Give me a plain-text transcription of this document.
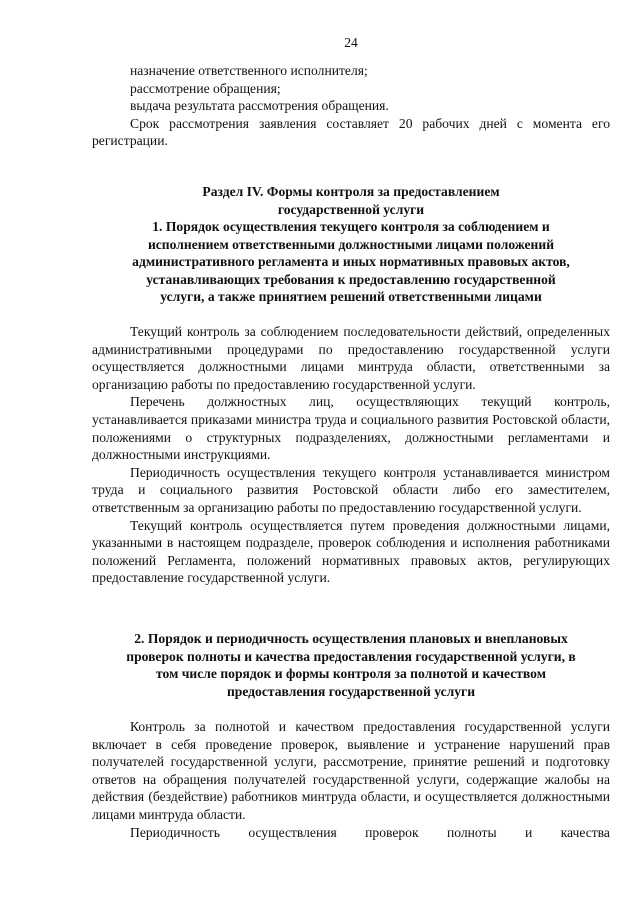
24

назначение ответственного исполнителя;

рассмотрение обращения;

выдача результата рассмотрения обращения.

Срок рассмотрения заявления составляет 20 рабочих дней с момента его регистрации.

Раздел IV. Формы контроля за предоставлением

государственной услуги

1. Порядок осуществления текущего контроля за соблюдением и

исполнением ответственными должностными лицами положений

административного регламента и иных нормативных правовых актов,

устанавливающих требования к предоставлению государственной

услуги, а также принятием решений ответственными лицами

Текущий контроль за соблюдением последовательности действий, определенных административными процедурами по предоставлению государственной услуги осуществляется должностными лицами минтруда области, ответственными за организацию работы по предоставлению государственной услуги.

Перечень должностных лиц, осуществляющих текущий контроль, устанавливается приказами министра труда и социального развития Ростовской области, положениями о структурных подразделениях, должностными регламентами и должностными инструкциями.

Периодичность осуществления текущего контроля устанавливается министром труда и социального развития Ростовской области либо его заместителем, ответственным за организацию работы по предоставлению государственной услуги.

Текущий контроль осуществляется путем проведения должностными лицами, указанными в настоящем подразделе, проверок соблюдения и исполнения работниками положений Регламента, положений нормативных правовых актов, регулирующих предоставление государственной услуги.

2. Порядок и периодичность осуществления плановых и внеплановых

проверок полноты и качества предоставления государственной услуги, в

том числе порядок и формы контроля за полнотой и качеством

предоставления государственной услуги

Контроль за полнотой и качеством предоставления государственной услуги включает в себя проведение проверок, выявление и устранение нарушений прав получателей государственной услуги, рассмотрение, принятие решений и подготовку ответов на обращения получателей государственной услуги, содержащие жалобы на действия (бездействие) работников минтруда области, и осуществляется должностными лицами минтруда области.

Периодичность осуществления проверок полноты и качества
